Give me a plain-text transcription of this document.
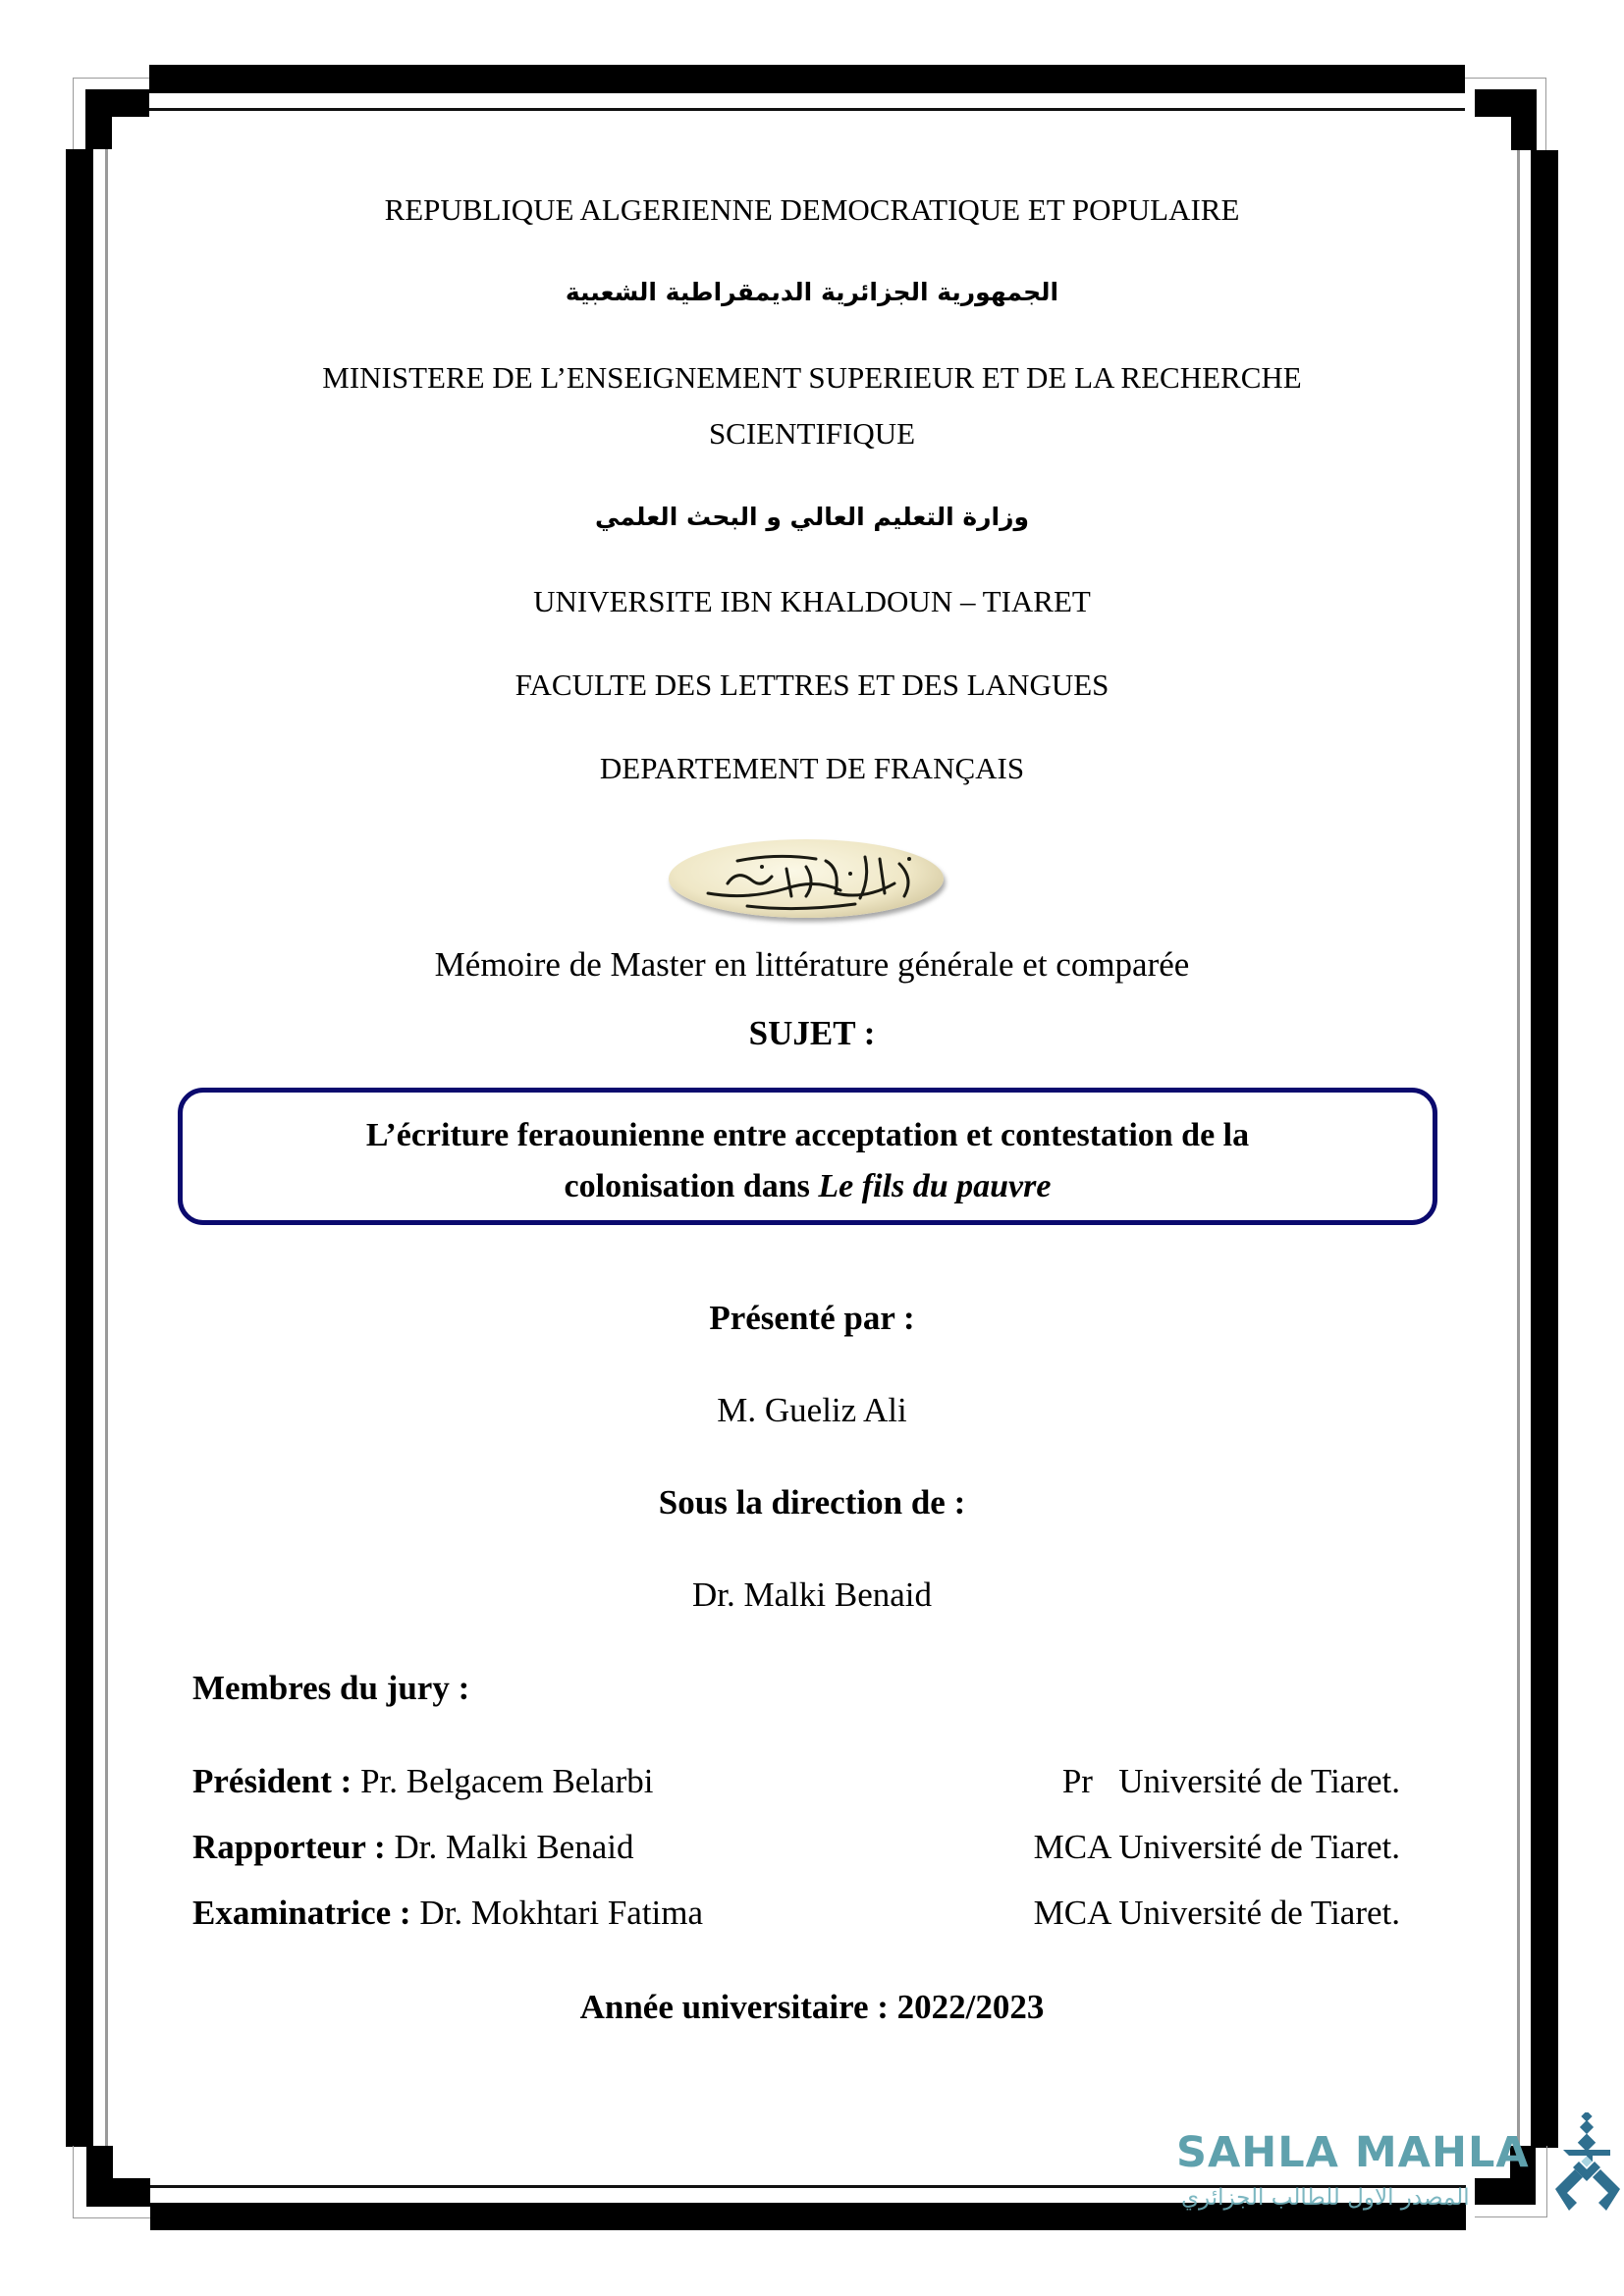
REPUBLIQUE ALGERIENNE DEMOCRATIQUE ET POPULAIRE
الجمهورية الجزائرية الديمقراطية الشعبية
MINISTERE DE L’ENSEIGNEMENT SUPERIEUR ET DE LA RECHERCHE
SCIENTIFIQUE
وزارة التعليم العالي و البحث العلمي
UNIVERSITE IBN KHALDOUN – TIARET
FACULTE DES LETTRES ET DES LANGUES
DEPARTEMENT DE FRANÇAIS
Mémoire de Master en littérature générale et comparée
SUJET :
L’écriture feraounienne entre acceptation et contestation de la
colonisation dans Le fils du pauvre
Présenté par :
M. Gueliz Ali
Sous la direction de :
Dr. Malki Benaid
Membres du jury :
Président : Pr. Belgacem Belarbi	Pr Université de Tiaret.
Rapporteur : Dr. Malki Benaid	MCA Université de Tiaret.
Examinatrice : Dr. Mokhtari Fatima	MCA Université de Tiaret.
Année universitaire : 2022/2023
SAHLA MAHLA
المصدر الاول للطالب الجزائري
